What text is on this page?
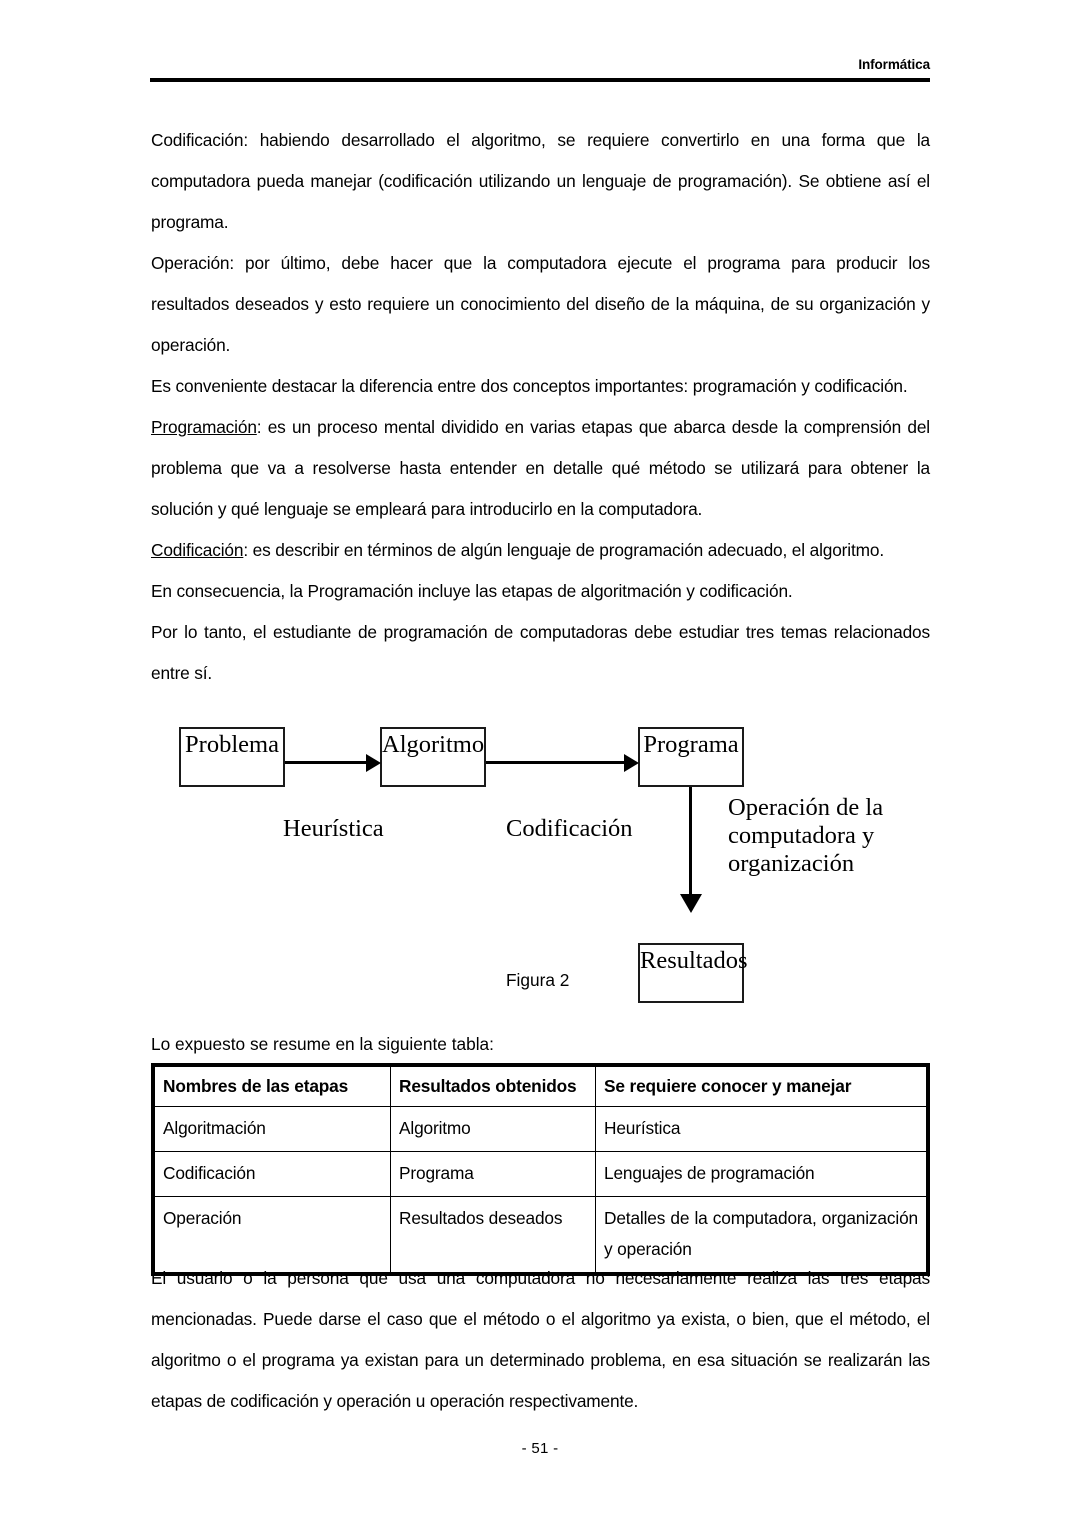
Informática

Codificación: habiendo desarrollado el algoritmo, se requiere convertirlo en una forma que la computadora pueda manejar (codificación utilizando un lenguaje de programación). Se obtiene así el programa.

Operación: por último, debe hacer que la computadora ejecute el programa para producir los resultados deseados y esto requiere un conocimiento del diseño de la máquina, de su organización y operación.

Es conveniente destacar la diferencia entre dos conceptos importantes: programación y codificación.

Programación: es un proceso mental dividido en varias etapas que abarca desde la comprensión del problema que va a resolverse hasta entender en detalle qué método se utilizará para obtener la solución y qué lenguaje se empleará para introducirlo en la computadora.

Codificación: es describir en términos de algún lenguaje de programación adecuado, el algoritmo.

En consecuencia, la Programación incluye las etapas de algoritmación y codificación.

Por lo tanto, el estudiante de programación de computadoras debe estudiar tres temas relacionados entre sí.

Problema	Algoritmo	Programa
Resultados
Heurística	Codificación
Operación de la
computadora y
organización
Figura 2
Lo expuesto se resume en la siguiente tabla:
Nombres de las etapas	Resultados obtenidos	Se requiere conocer y manejar
Algoritmación	Algoritmo	Heurística
Codificación	Programa	Lenguajes de programación
Operación	Resultados deseados	Detalles de la computadora, organización y operación

El usuario o la persona que usa una computadora no necesariamente realiza las tres etapas mencionadas. Puede darse el caso que el método o el algoritmo ya exista, o bien, que el método, el algoritmo o el programa ya existan para un determinado problema, en esa situación se realizarán las etapas de codificación y operación u operación respectivamente.

- 51 -
